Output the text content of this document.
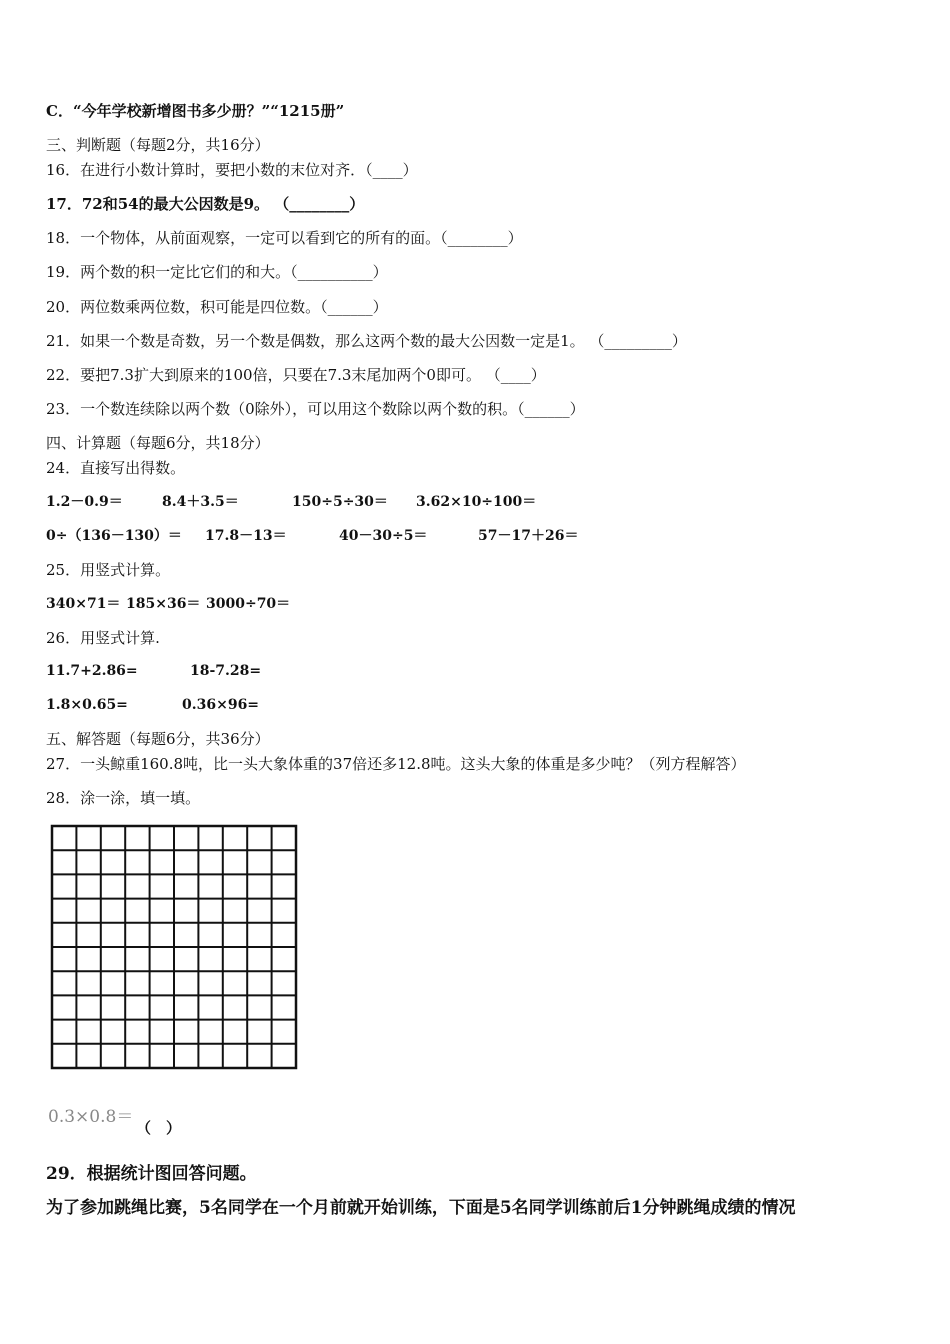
C．“今年学校新增图书多少册？”“1215册”
三、判断题（每题2分，共16分）
16．在进行小数计算时，要把小数的末位对齐．（____）
17．72和54的最大公因数是9。 （________）
18．一个物体，从前面观察，一定可以看到它的所有的面。（________）
19．两个数的积一定比它们的和大。（__________）
20．两位数乘两位数，积可能是四位数。（______）
21．如果一个数是奇数，另一个数是偶数，那么这两个数的最大公因数一定是1。 （_________）
22．要把7.3扩大到原来的100倍，只要在7.3末尾加两个0即可。 （____）
23．一个数连续除以两个数（0除外），可以用这个数除以两个数的积。（______）
四、计算题（每题6分，共18分）
24．直接写出得数。
1.2－0.9＝	8.4＋3.5＝	150÷5÷30＝ 3.62×10÷100＝
0÷（136－130）＝ 17.8－13＝	40－30÷5＝	57－17＋26＝
25．用竖式计算。
340×71＝ 185×36＝ 3000÷70＝
26．用竖式计算.
11.7+2.86=	18-7.28=
1.8×0.65=	0.36×96=
五、解答题（每题6分，共36分）
27．一头鲸重160.8吨，比一头大象体重的37倍还多12.8吨。这头大象的体重是多少吨？（列方程解答）
28．涂一涂，填一填。
0.3×0.8＝
（　）
29．根据统计图回答问题。
为了参加跳绳比赛，5名同学在一个月前就开始训练，下面是5名同学训练前后1分钟跳绳成绩的情况
